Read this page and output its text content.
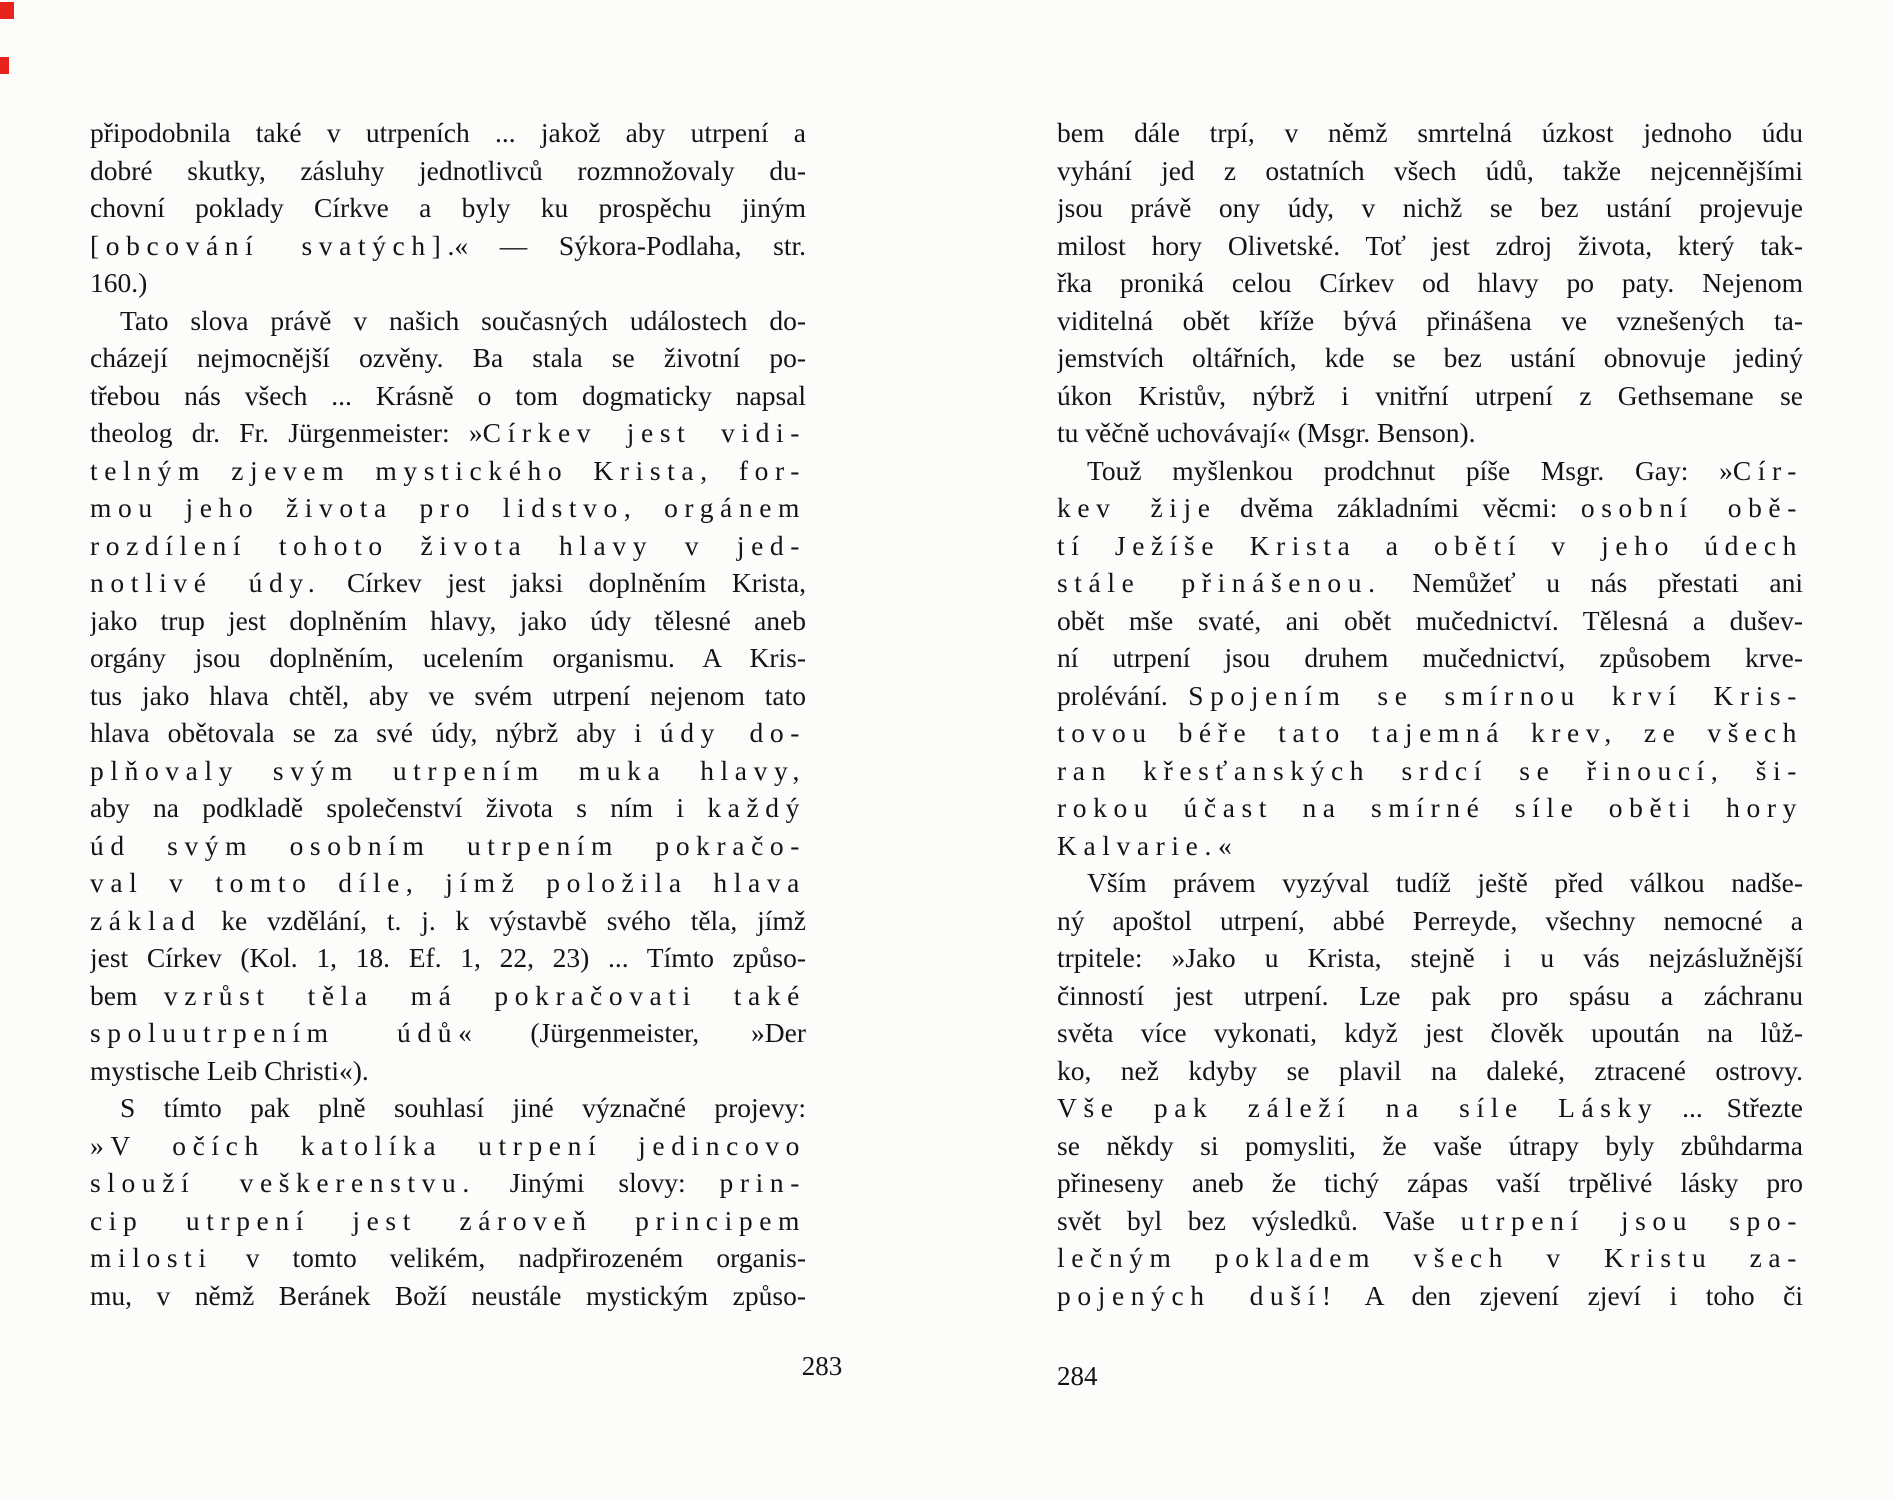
připodobnila také v utrpeních ... jakož aby utrpení a
dobré skutky, zásluhy jednotlivců rozmnožovaly du-
chovní poklady Církve a byly ku prospěchu jiným
[obcování svatých].« — Sýkora-Podlaha, str.
160.)
Tato slova právě v našich současných událostech do-
cházejí nejmocnější ozvěny. Ba stala se životní po-
třebou nás všech ... Krásně o tom dogmaticky napsal
theolog dr. Fr. Jürgenmeister: »Církev jest vidi-
telným zjevem mystického Krista, for-
mou jeho života pro lidstvo, orgánem
rozdílení tohoto života hlavy v jed-
notlivé údy. Církev jest jaksi doplněním Krista,
jako trup jest doplněním hlavy, jako údy tělesné aneb
orgány jsou doplněním, ucelením organismu. A Kris-
tus jako hlava chtěl, aby ve svém utrpení nejenom tato
hlava obětovala se za své údy, nýbrž aby i údy do-
plňovaly svým utrpením muka hlavy,
aby na podkladě společenství života s ním i každý
úd svým osobním utrpením pokračo-
val v tomto díle, jímž položila hlava
základ ke vzdělání, t. j. k výstavbě svého těla, jímž
jest Církev (Kol. 1, 18. Ef. 1, 22, 23) ... Tímto způso-
bem vzrůst těla má pokračovati také
spoluutrpením údů« (Jürgenmeister, »Der
mystische Leib Christi«).
S tímto pak plně souhlasí jiné význačné projevy:
»V očích katolíka utrpení jedincovo
slouží veškerenstvu. Jinými slovy: prin-
cip utrpení jest zároveň principem
milosti v tomto velikém, nadpřirozeném organis-
mu, v němž Beránek Boží neustále mystickým způso-
283
bem dále trpí, v němž smrtelná úzkost jednoho údu
vyhání jed z ostatních všech údů, takže nejcennějšími
jsou právě ony údy, v nichž se bez ustání projevuje
milost hory Olivetské. Toť jest zdroj života, který tak-
řka proniká celou Církev od hlavy po paty. Nejenom
viditelná obět kříže bývá přinášena ve vznešených ta-
jemstvích oltářních, kde se bez ustání obnovuje jediný
úkon Kristův, nýbrž i vnitřní utrpení z Gethsemane se
tu věčně uchovávají« (Msgr. Benson).
Touž myšlenkou prodchnut píše Msgr. Gay: »Cír-
kev žije dvěma základními věcmi: osobní obě-
tí Ježíše Krista a obětí v jeho údech
stále přinášenou. Nemůžeť u nás přestati ani
obět mše svaté, ani obět mučednictví. Tělesná a dušev-
ní utrpení jsou druhem mučednictví, způsobem krve-
prolévání. Spojením se smírnou krví Kris-
tovou béře tato tajemná krev, ze všech
ran křesťanských srdcí se řinoucí, ši-
rokou účast na smírné síle oběti hory
Kalvarie.«
Vším právem vyzýval tudíž ještě před válkou nadše-
ný apoštol utrpení, abbé Perreyde, všechny nemocné a
trpitele: »Jako u Krista, stejně i u vás nejzáslužnější
činností jest utrpení. Lze pak pro spásu a záchranu
světa více vykonati, když jest člověk upoután na lůž-
ko, než kdyby se plavil na daleké, ztracené ostrovy.
Vše pak záleží na síle Lásky ... Střezte
se někdy si pomysliti, že vaše útrapy byly zbůhdarma
přineseny aneb že tichý zápas vaší trpělivé lásky pro
svět byl bez výsledků. Vaše utrpení jsou spo-
lečným pokladem všech v Kristu za-
pojených duší! A den zjevení zjeví i toho či
284
